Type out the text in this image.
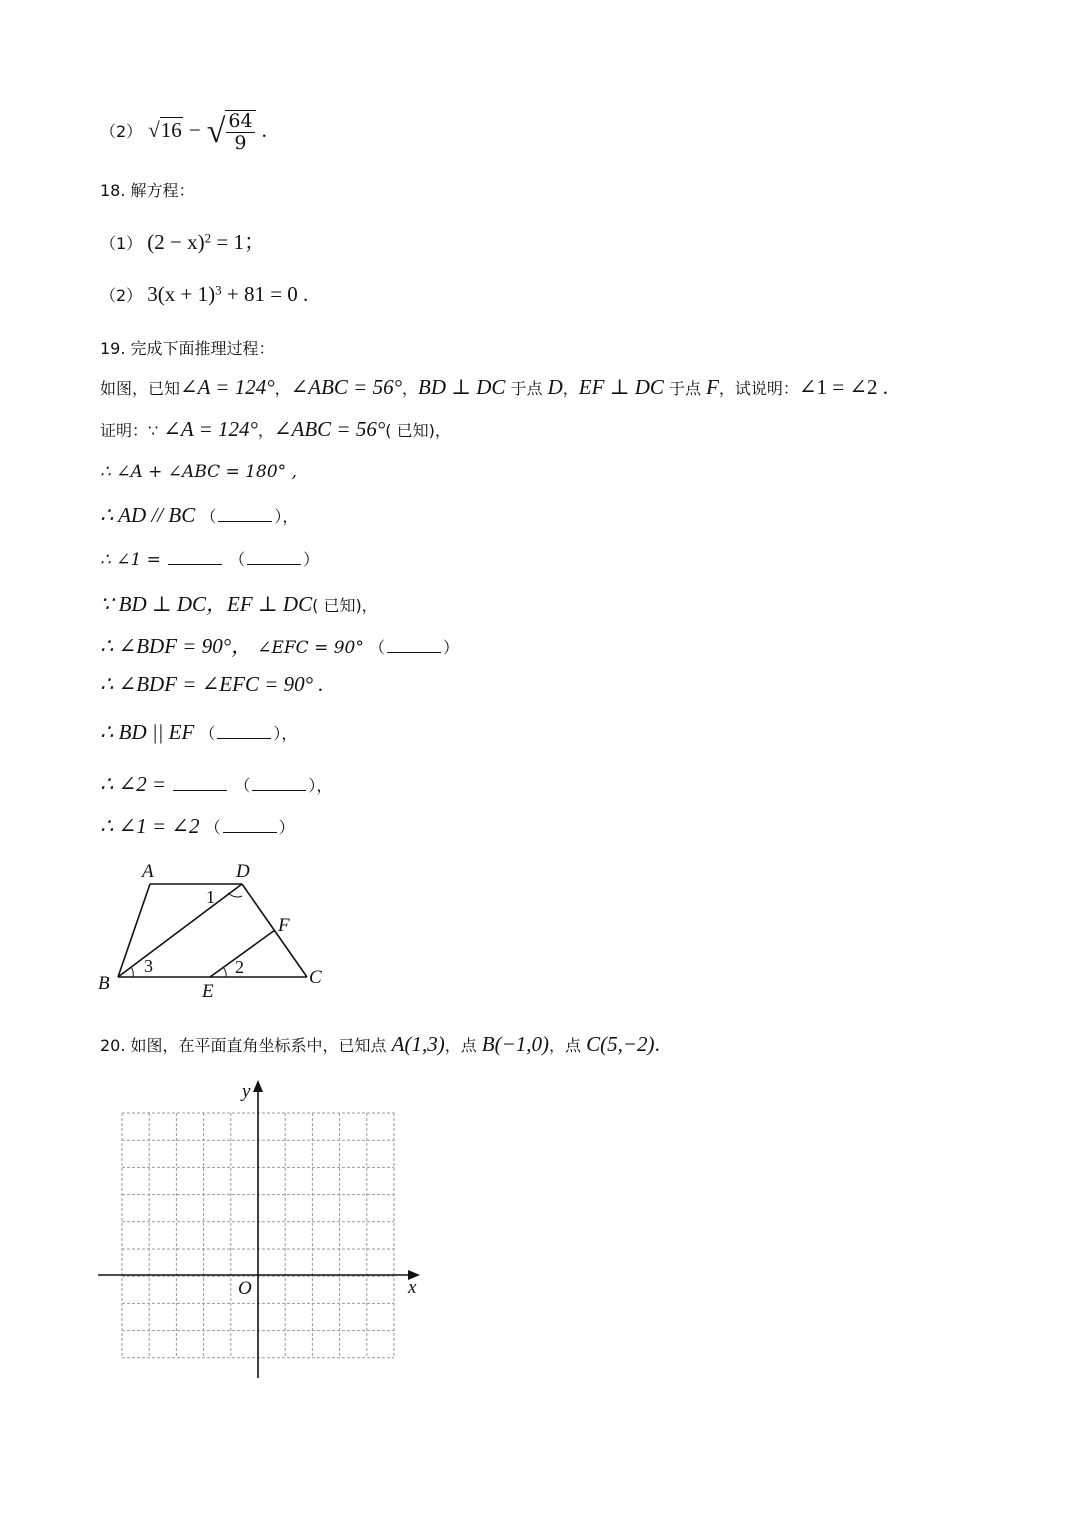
（2） √16 − √ $\frac{64}{9}$ .
18. 解方程：
（1） $(2 - x)^2 = 1$；
（2） $3(x + 1)^3 + 81 = 0$ .
19. 完成下面推理过程：
如图，已知∠A = 124°，∠ABC = 56°，BD ⊥ DC 于点 D，EF ⊥ DC 于点 F，试说明：∠1 = ∠2 .
证明：∵ ∠A = 124°，∠ABC = 56°( 已知)，
∴ ∠A + ∠ABC = 180° ,
∴ AD // BC （	），
∴ ∠1 =	（	）
∵ BD ⊥ DC，EF ⊥ DC( 已知)，
∴ ∠BDF = 90°， ∠EFC = 90° （	）
∴ ∠BDF = ∠EFC = 90° .
∴ BD || EF （	），
∴ ∠2 =	（	），
∴ ∠1 = ∠2 （	）
A	D
F
B	E
C
1
2
3
20. 如图，在平面直角坐标系中，已知点 A(1,3)，点 B(−1,0)，点 C(5,−2).
y
x
O
